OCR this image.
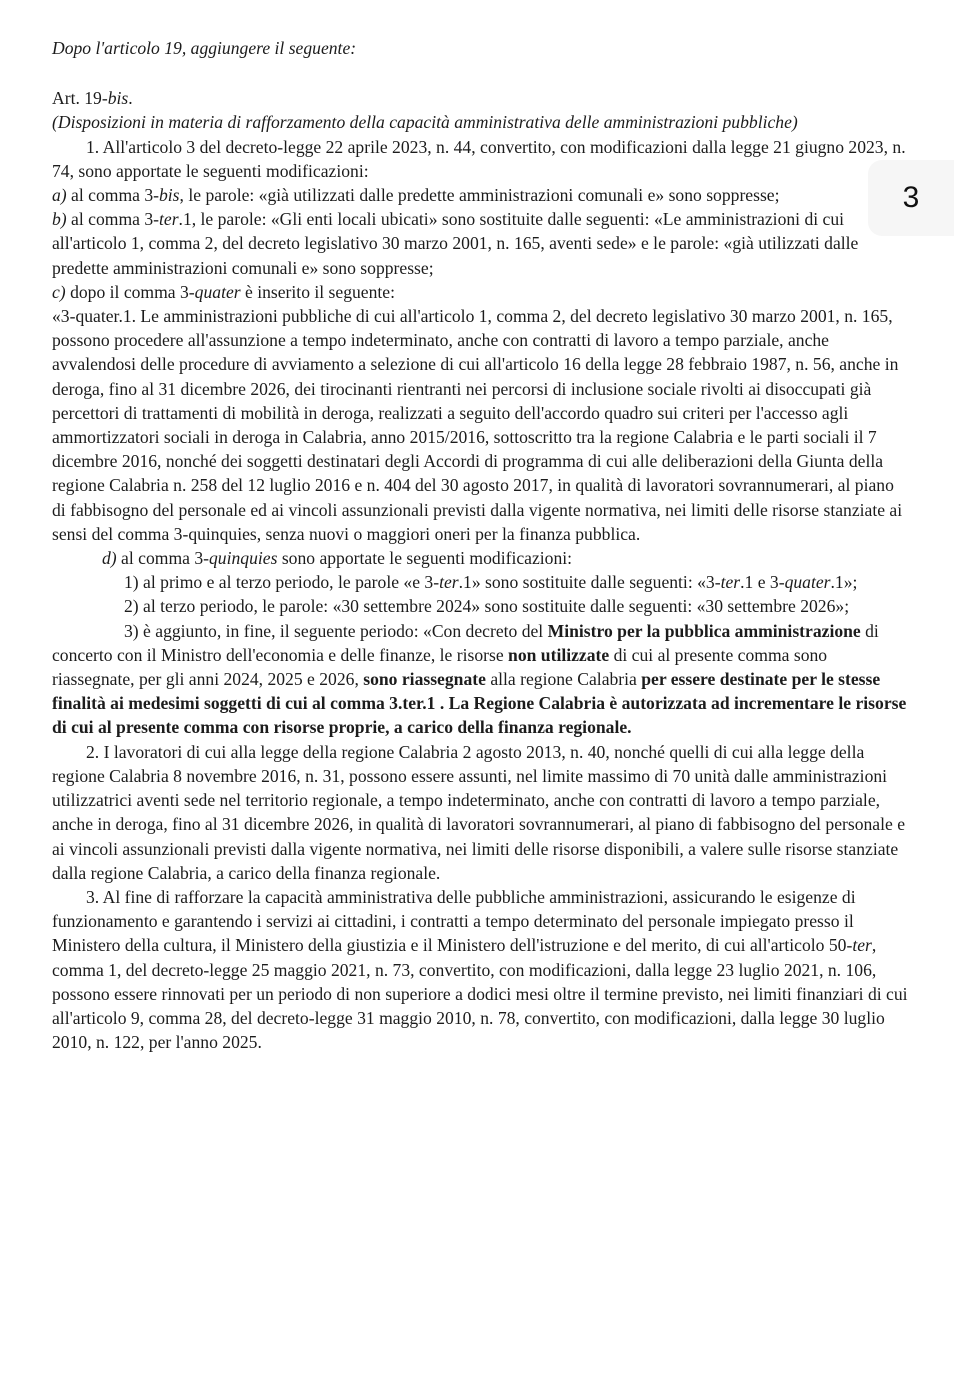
3

Dopo l'articolo 19, aggiungere il seguente:

Art. 19-bis.

(Disposizioni in materia di rafforzamento della capacità amministrativa delle amministrazioni pubbliche)

1. All'articolo 3 del decreto-legge 22 aprile 2023, n. 44, convertito, con modificazioni dalla legge 21 giugno 2023, n. 74, sono apportate le seguenti modificazioni:

a) al comma 3-bis, le parole: «già utilizzati dalle predette amministrazioni comunali e» sono soppresse;

b) al comma 3-ter.1, le parole: «Gli enti locali ubicati» sono sostituite dalle seguenti: «Le amministrazioni di cui all'articolo 1, comma 2, del decreto legislativo 30 marzo 2001, n. 165, aventi sede» e le parole: «già utilizzati dalle predette amministrazioni comunali e» sono soppresse;

c) dopo il comma 3-quater è inserito il seguente:

«3-quater.1. Le amministrazioni pubbliche di cui all'articolo 1, comma 2, del decreto legislativo 30 marzo 2001, n. 165, possono procedere all'assunzione a tempo indeterminato, anche con contratti di lavoro a tempo parziale, anche avvalendosi delle procedure di avviamento a selezione di cui all'articolo 16 della legge 28 febbraio 1987, n. 56, anche in deroga, fino al 31 dicembre 2026, dei tirocinanti rientranti nei percorsi di inclusione sociale rivolti ai disoccupati già percettori di trattamenti di mobilità in deroga, realizzati a seguito dell'accordo quadro sui criteri per l'accesso agli ammortizzatori sociali in deroga in Calabria, anno 2015/2016, sottoscritto tra la regione Calabria e le parti sociali il 7 dicembre 2016, nonché dei soggetti destinatari degli Accordi di programma di cui alle deliberazioni della Giunta della regione Calabria n. 258 del 12 luglio 2016 e n. 404 del 30 agosto 2017, in qualità di lavoratori sovrannumerari, al piano di fabbisogno del personale ed ai vincoli assunzionali previsti dalla vigente normativa, nei limiti delle risorse stanziate ai sensi del comma 3-quinquies, senza nuovi o maggiori oneri per la finanza pubblica.

d) al comma 3-quinquies sono apportate le seguenti modificazioni:

1) al primo e al terzo periodo, le parole «e 3-ter.1» sono sostituite dalle seguenti: «3-ter.1 e 3-quater.1»;

2) al terzo periodo, le parole: «30 settembre 2024» sono sostituite dalle seguenti: «30 settembre 2026»;

3) è aggiunto, in fine, il seguente periodo: «Con decreto del Ministro per la pubblica amministrazione di concerto con il Ministro dell'economia e delle finanze, le risorse non utilizzate di cui al presente comma sono riassegnate, per gli anni 2024, 2025 e 2026, sono riassegnate alla regione Calabria per essere destinate per le stesse finalità ai medesimi soggetti di cui al comma 3.ter.1 . La Regione Calabria è autorizzata ad incrementare le risorse di cui al presente comma con risorse proprie, a carico della finanza regionale.

2. I lavoratori di cui alla legge della regione Calabria 2 agosto 2013, n. 40, nonché quelli di cui alla legge della regione Calabria 8 novembre 2016, n. 31, possono essere assunti, nel limite massimo di 70 unità dalle amministrazioni utilizzatrici aventi sede nel territorio regionale, a tempo indeterminato, anche con contratti di lavoro a tempo parziale, anche in deroga, fino al 31 dicembre 2026, in qualità di lavoratori sovrannumerari, al piano di fabbisogno del personale e ai vincoli assunzionali previsti dalla vigente normativa, nei limiti delle risorse disponibili, a valere sulle risorse stanziate dalla regione Calabria, a carico della finanza regionale.

3. Al fine di rafforzare la capacità amministrativa delle pubbliche amministrazioni, assicurando le esigenze di funzionamento e garantendo i servizi ai cittadini, i contratti a tempo determinato del personale impiegato presso il Ministero della cultura, il Ministero della giustizia e il Ministero dell'istruzione e del merito, di cui all'articolo 50-ter, comma 1, del decreto-legge 25 maggio 2021, n. 73, convertito, con modificazioni, dalla legge 23 luglio 2021, n. 106, possono essere rinnovati per un periodo di non superiore a dodici mesi oltre il termine previsto, nei limiti finanziari di cui all'articolo 9, comma 28, del decreto-legge 31 maggio 2010, n. 78, convertito, con modificazioni, dalla legge 30 luglio 2010, n. 122, per l'anno 2025.
